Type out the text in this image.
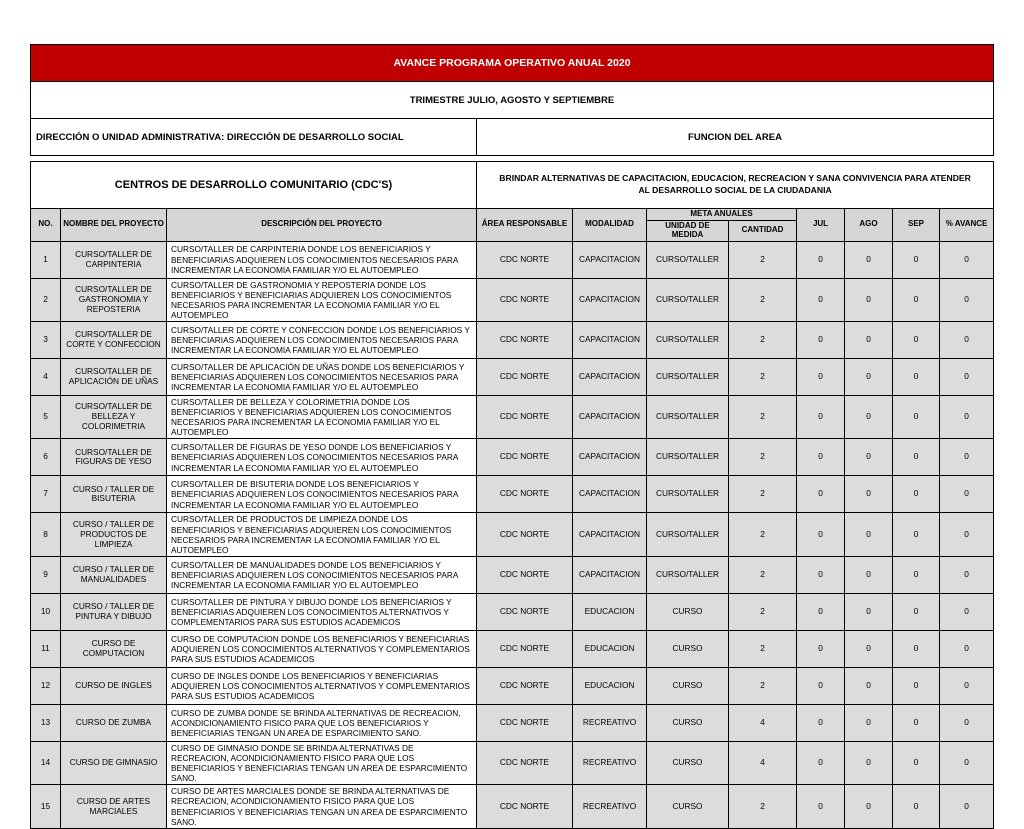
AVANCE PROGRAMA OPERATIVO ANUAL 2020
TRIMESTRE JULIO, AGOSTO Y SEPTIEMBRE
DIRECCIÓN O UNIDAD ADMINISTRATIVA: DIRECCIÓN DE DESARROLLO SOCIAL	FUNCION DEL AREA
CENTROS DE DESARROLLO COMUNITARIO (CDC'S)			BRINDAR ALTERNATIVAS DE CAPACITACION, EDUCACION, RECREACION Y SANA CONVIVENCIA PARA ATENDER AL DESARROLLO SOCIAL DE LA CIUDADANIA							
NO.	NOMBRE DEL PROYECTO	DESCRIPCIÓN DEL PROYECTO	ÁREA RESPONSABLE	MODALIDAD	META ANUALES		JUL	AGO	SEP	% AVANCE
					UNIDAD DE MEDIDA	CANTIDAD				
1	CURSO/TALLER DE CARPINTERIA	CURSO/TALLER DE CARPINTERIA DONDE LOS BENEFICIARIOS Y BENEFICIARIAS ADQUIEREN LOS CONOCIMIENTOS NECESARIOS PARA INCREMENTAR LA ECONOMIA FAMILIAR Y/O EL AUTOEMPLEO	CDC NORTE	CAPACITACION	CURSO/TALLER	2	0	0	0	0
2	CURSO/TALLER DE GASTRONOMIA Y REPOSTERIA	CURSO/TALLER DE GASTRONOMIA Y REPOSTERIA DONDE LOS BENEFICIARIOS Y BENEFICIARIAS ADQUIEREN LOS CONOCIMIENTOS NECESARIOS PARA INCREMENTAR LA ECONOMIA FAMILIAR Y/O EL AUTOEMPLEO	CDC NORTE	CAPACITACION	CURSO/TALLER	2	0	0	0	0
3	CURSO/TALLER DE CORTE Y CONFECCION	CURSO/TALLER DE CORTE Y CONFECCION DONDE LOS BENEFICIARIOS Y BENEFICIARIAS ADQUIEREN LOS CONOCIMIENTOS NECESARIOS PARA INCREMENTAR LA ECONOMIA FAMILIAR Y/O EL AUTOEMPLEO	CDC NORTE	CAPACITACION	CURSO/TALLER	2	0	0	0	0
4	CURSO/TALLER DE APLICACIÓN DE UÑAS	CURSO/TALLER DE APLICACIÓN DE UÑAS DONDE LOS BENEFICIARIOS Y BENEFICIARIAS ADQUIEREN LOS CONOCIMIENTOS NECESARIOS PARA INCREMENTAR LA ECONOMIA FAMILIAR Y/O EL AUTOEMPLEO	CDC NORTE	CAPACITACION	CURSO/TALLER	2	0	0	0	0
5	CURSO/TALLER DE BELLEZA Y COLORIMETRIA	CURSO/TALLER DE BELLEZA Y COLORIMETRIA DONDE LOS BENEFICIARIOS Y BENEFICIARIAS ADQUIEREN LOS CONOCIMIENTOS NECESARIOS PARA INCREMENTAR LA ECONOMIA FAMILIAR Y/O EL AUTOEMPLEO	CDC NORTE	CAPACITACION	CURSO/TALLER	2	0	0	0	0
6	CURSO/TALLER DE FIGURAS DE YESO	CURSO/TALLER DE FIGURAS DE YESO DONDE LOS BENEFICIARIOS Y BENEFICIARIAS ADQUIEREN LOS CONOCIMIENTOS NECESARIOS PARA INCREMENTAR LA ECONOMIA FAMILIAR Y/O EL AUTOEMPLEO	CDC NORTE	CAPACITACION	CURSO/TALLER	2	0	0	0	0
7	CURSO / TALLER DE BISUTERIA	CURSO/TALLER DE BISUTERIA DONDE LOS BENEFICIARIOS Y BENEFICIARIAS ADQUIEREN LOS CONOCIMIENTOS NECESARIOS PARA INCREMENTAR LA ECONOMIA FAMILIAR Y/O EL AUTOEMPLEO	CDC NORTE	CAPACITACION	CURSO/TALLER	2	0	0	0	0
8	CURSO / TALLER DE PRODUCTOS DE LIMPIEZA	CURSO/TALLER DE PRODUCTOS DE LIMPIEZA DONDE LOS BENEFICIARIOS Y BENEFICIARIAS ADQUIEREN LOS CONOCIMIENTOS NECESARIOS PARA INCREMENTAR LA ECONOMIA FAMILIAR Y/O EL AUTOEMPLEO	CDC NORTE	CAPACITACION	CURSO/TALLER	2	0	0	0	0
9	CURSO / TALLER DE MANUALIDADES	CURSO/TALLER DE MANUALIDADES DONDE LOS BENEFICIARIOS Y BENEFICIARIAS ADQUIEREN LOS CONOCIMIENTOS NECESARIOS PARA INCREMENTAR LA ECONOMIA FAMILIAR Y/O EL AUTOEMPLEO	CDC NORTE	CAPACITACION	CURSO/TALLER	2	0	0	0	0
10	CURSO / TALLER DE PINTURA Y DIBUJO	CURSO/TALLER DE PINTURA Y DIBUJO DONDE LOS BENEFICIARIOS Y BENEFICIARIAS ADQUIEREN LOS CONOCIMIENTOS ALTERNATIVOS Y COMPLEMENTARIOS PARA SUS ESTUDIOS ACADEMICOS	CDC NORTE	EDUCACION	CURSO	2	0	0	0	0
11	CURSO DE COMPUTACION	CURSO DE COMPUTACION DONDE LOS BENEFICIARIOS Y BENEFICIARIAS ADQUIEREN LOS CONOCIMIENTOS ALTERNATIVOS Y COMPLEMENTARIOS PARA SUS ESTUDIOS ACADEMICOS	CDC NORTE	EDUCACION	CURSO	2	0	0	0	0
12	CURSO DE INGLES	CURSO DE INGLES DONDE LOS BENEFICIARIOS Y BENEFICIARIAS ADQUIEREN LOS CONOCIMIENTOS ALTERNATIVOS Y COMPLEMENTARIOS PARA SUS ESTUDIOS ACADEMICOS	CDC NORTE	EDUCACION	CURSO	2	0	0	0	0
13	CURSO DE ZUMBA	CURSO DE ZUMBA DONDE SE BRINDA ALTERNATIVAS DE RECREACION, ACONDICIONAMIENTO FISICO PARA QUE LOS BENEFICIARIOS Y BENEFICIARIAS TENGAN UN AREA DE ESPARCIMIENTO SANO.	CDC NORTE	RECREATIVO	CURSO	4	0	0	0	0
14	CURSO DE GIMNASIO	CURSO DE GIMNASIO DONDE SE BRINDA ALTERNATIVAS DE RECREACION, ACONDICIONAMIENTO FISICO PARA QUE LOS BENEFICIARIOS Y BENEFICIARIAS TENGAN UN AREA DE ESPARCIMIENTO SANO.	CDC NORTE	RECREATIVO	CURSO	4	0	0	0	0
15	CURSO DE ARTES MARCIALES	CURSO DE ARTES MARCIALES DONDE SE BRINDA ALTERNATIVAS DE RECREACION, ACONDICIONAMIENTO FISICO PARA QUE LOS BENEFICIARIOS Y BENEFICIARIAS TENGAN UN AREA DE ESPARCIMIENTO SANO.	CDC NORTE	RECREATIVO	CURSO	2	0	0	0	0
